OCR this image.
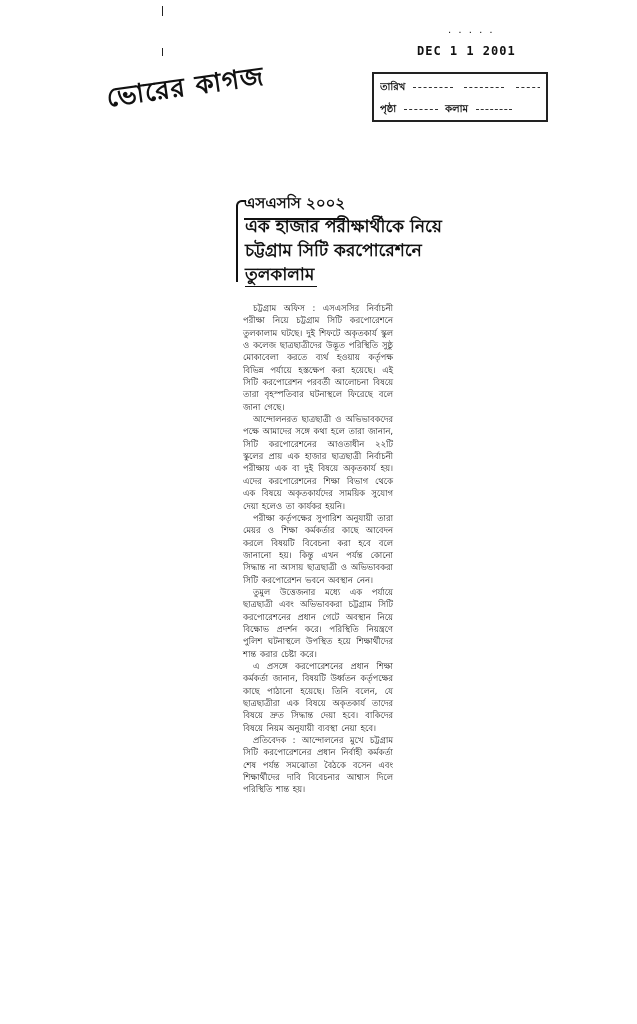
ভোরের কাগজ
· · · · ·
DEC 1 1 2001
তারিখ
পৃষ্ঠা	কলাম
এসএসসি ২০০২
এক হাজার পরীক্ষার্থীকে নিয়ে
চট্টগ্রাম সিটি করপোরেশনে
তুলকালাম

চট্টগ্রাম অফিস : এসএসসির নির্বাচনী পরীক্ষা নিয়ে চট্টগ্রাম সিটি করপোরেশনে তুলকালাম ঘটছে। দুই শিফটে অকৃতকার্য স্কুল ও কলেজ ছাত্রছাত্রীদের উদ্ভূত পরিস্থিতি সুষ্ঠু মোকাবেলা করতে ব্যর্থ হওয়ায় কর্তৃপক্ষ বিভিন্ন পর্যায়ে হস্তক্ষেপ করা হয়েছে। এই সিটি করপোরেশন পরবর্তী আলোচনা বিষয়ে তারা বৃহস্পতিবার ঘটনাস্থলে ফিরেছে বলে জানা গেছে।

আন্দোলনরত ছাত্রছাত্রী ও অভিভাবকদের পক্ষে আমাদের সঙ্গে কথা হলে তারা জানান, সিটি করপোরেশনের আওতাধীন ২২টি স্কুলের প্রায় এক হাজার ছাত্রছাত্রী নির্বাচনী পরীক্ষায় এক বা দুই বিষয়ে অকৃতকার্য হয়। এদের করপোরেশনের শিক্ষা বিভাগ থেকে এক বিষয়ে অকৃতকার্যদের সাময়িক সুযোগ দেয়া হলেও তা কার্যকর হয়নি।

পরীক্ষা কর্তৃপক্ষের সুপারিশ অনুযায়ী তারা মেয়র ও শিক্ষা কর্মকর্তার কাছে আবেদন করলে বিষয়টি বিবেচনা করা হবে বলে জানানো হয়। কিন্তু এখন পর্যন্ত কোনো সিদ্ধান্ত না আসায় ছাত্রছাত্রী ও অভিভাবকরা সিটি করপোরেশন ভবনে অবস্থান নেন।

তুমুল উত্তেজনার মধ্যে এক পর্যায়ে ছাত্রছাত্রী এবং অভিভাবকরা চট্টগ্রাম সিটি করপোরেশনের প্রধান গেটে অবস্থান নিয়ে বিক্ষোভ প্রদর্শন করে। পরিস্থিতি নিয়ন্ত্রণে পুলিশ ঘটনাস্থলে উপস্থিত হয়ে শিক্ষার্থীদের শান্ত করার চেষ্টা করে।

এ প্রসঙ্গে করপোরেশনের প্রধান শিক্ষা কর্মকর্তা জানান, বিষয়টি উর্ধ্বতন কর্তৃপক্ষের কাছে পাঠানো হয়েছে। তিনি বলেন, যে ছাত্রছাত্রীরা এক বিষয়ে অকৃতকার্য তাদের বিষয়ে দ্রুত সিদ্ধান্ত দেয়া হবে। বাকিদের বিষয়ে নিয়ম অনুযায়ী ব্যবস্থা নেয়া হবে।

প্রতিবেদক : আন্দোলনের মুখে চট্টগ্রাম সিটি করপোরেশনের প্রধান নির্বাহী কর্মকর্তা শেষ পর্যন্ত সমঝোতা বৈঠকে বসেন এবং শিক্ষার্থীদের দাবি বিবেচনার আশ্বাস দিলে পরিস্থিতি শান্ত হয়।
